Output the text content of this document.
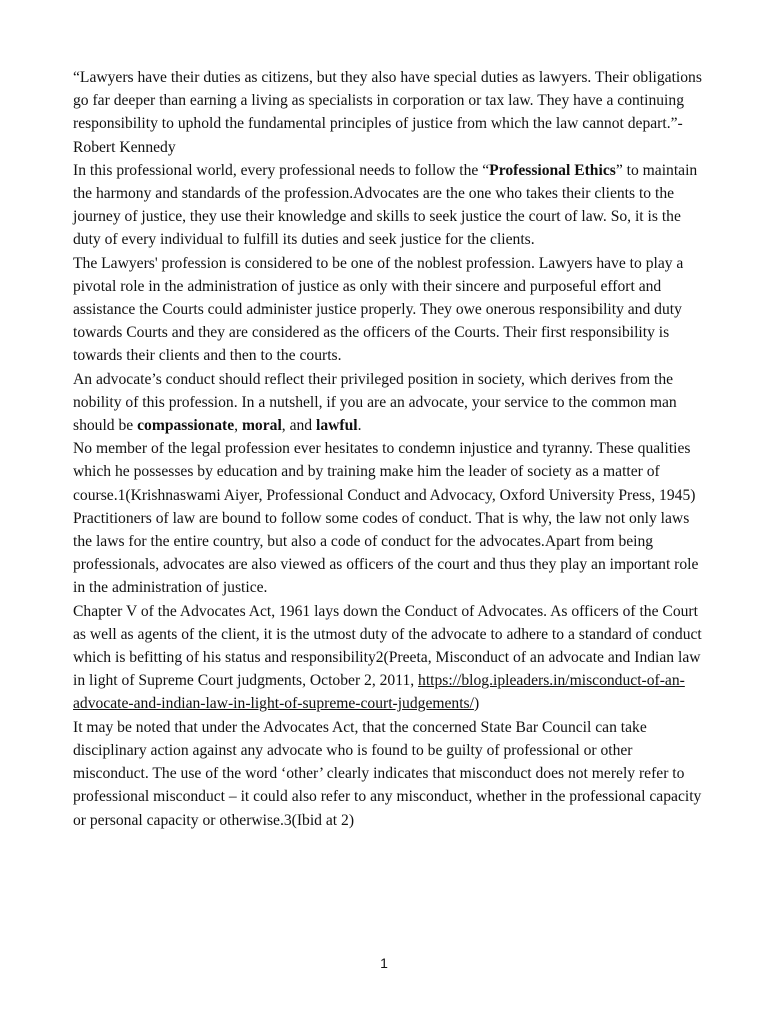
“Lawyers have their duties as citizens, but they also have special duties as lawyers. Their obligations go far deeper than earning a living as specialists in corporation or tax law. They have a continuing responsibility to uphold the fundamental principles of justice from which the law cannot depart.”- Robert Kennedy

In this professional world, every professional needs to follow the “Professional Ethics” to maintain the harmony and standards of the profession.Advocates are the one who takes their clients to the journey of justice, they use their knowledge and skills to seek justice the court of law. So, it is the duty of every individual to fulfill its duties and seek justice for the clients.

The Lawyers' profession is considered to be one of the noblest profession. Lawyers have to play a pivotal role in the administration of justice as only with their sincere and purposeful effort and assistance the Courts could administer justice properly. They owe onerous responsibility and duty towards Courts and they are considered as the officers of the Courts. Their first responsibility is towards their clients and then to the courts.

An advocate’s conduct should reflect their privileged position in society, which derives from the nobility of this profession. In a nutshell, if you are an advocate, your service to the common man should be compassionate, moral, and lawful.

No member of the legal profession ever hesitates to condemn injustice and tyranny. These qualities which he possesses by education and by training make him the leader of society as a matter of course.1(Krishnaswami Aiyer, Professional Conduct and Advocacy, Oxford University Press, 1945)

Practitioners of law are bound to follow some codes of conduct. That is why, the law not only laws the laws for the entire country, but also a code of conduct for the advocates.Apart from being professionals, advocates are also viewed as officers of the court and thus they play an important role in the administration of justice.

Chapter V of the Advocates Act, 1961 lays down the Conduct of Advocates. As officers of the Court as well as agents of the client, it is the utmost duty of the advocate to adhere to a standard of conduct which is befitting of his status and responsibility2(Preeta, Misconduct of an advocate and Indian law in light of Supreme Court judgments, October 2, 2011, https://blog.ipleaders.in/misconduct-of-an-advocate-and-indian-law-in-light-of-supreme-court-judgements/)

It may be noted that under the Advocates Act, that the concerned State Bar Council can take disciplinary action against any advocate who is found to be guilty of professional or other misconduct. The use of the word ‘other’ clearly indicates that misconduct does not merely refer to professional misconduct – it could also refer to any misconduct, whether in the professional capacity or personal capacity or otherwise.3(Ibid at 2)

1
